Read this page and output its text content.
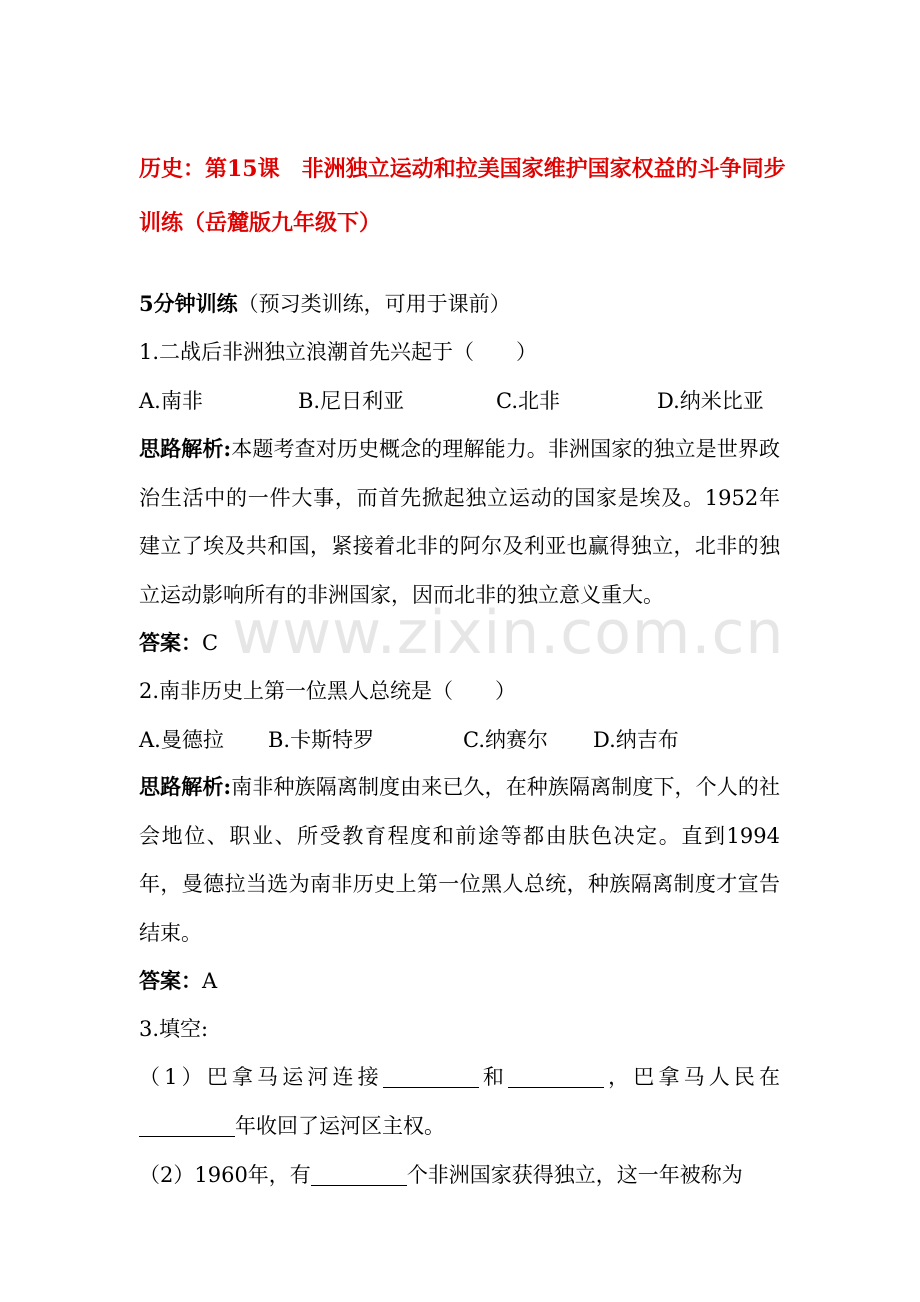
历史：第15课　非洲独立运动和拉美国家维护国家权益的斗争同步训练（岳麓版九年级下）

5分钟训练（预习类训练，可用于课前）
1.二战后非洲独立浪潮首先兴起于（　　）
A.南非	B.尼日利亚	C.北非	D.纳米比亚

思路解析:本题考查对历史概念的理解能力。非洲国家的独立是世界政治生活中的一件大事，而首先掀起独立运动的国家是埃及。1952年建立了埃及共和国，紧接着北非的阿尔及利亚也赢得独立，北非的独立运动影响所有的非洲国家，因而北非的独立意义重大。

答案：C www.zixin.com.cn
2.南非历史上第一位黑人总统是（　　）
A.曼德拉 B.卡斯特罗	C.纳赛尔 D.纳吉布

思路解析:南非种族隔离制度由来已久，在种族隔离制度下，个人的社会地位、职业、所受教育程度和前途等都由肤色决定。直到1994年，曼德拉当选为南非历史上第一位黑人总统，种族隔离制度才宣告结束。

答案：A
3.填空:

（1）巴拿马运河连接	和	，巴拿马人民在年收回了运河区主权。

（2）1960年，有	个非洲国家获得独立，这一年被称为
